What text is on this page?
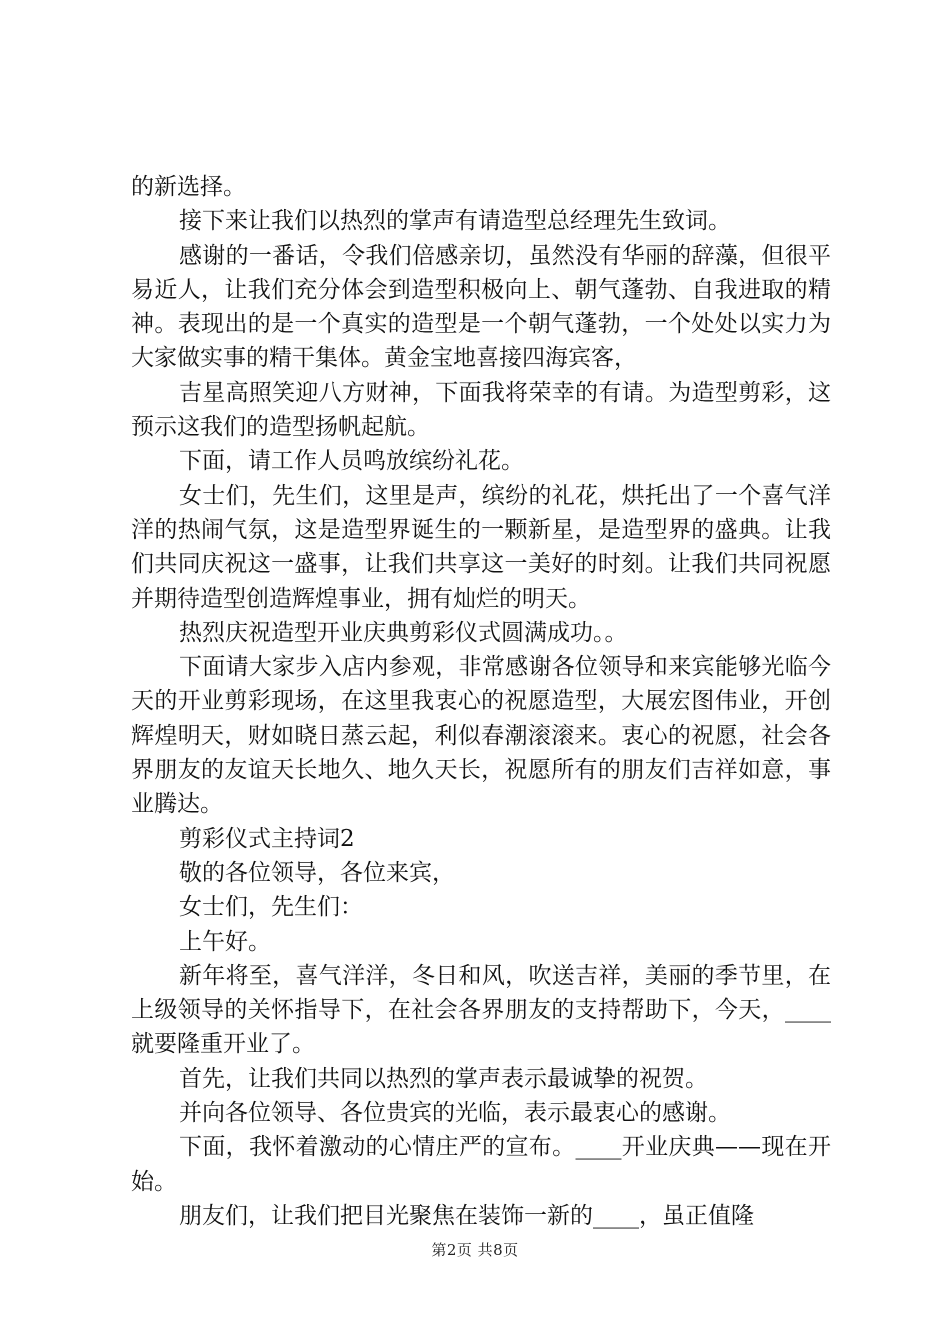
的新选择。

接下来让我们以热烈的掌声有请造型总经理先生致词。

感谢的一番话，令我们倍感亲切，虽然没有华丽的辞藻，但很平易近人，让我们充分体会到造型积极向上、朝气蓬勃、自我进取的精神。表现出的是一个真实的造型是一个朝气蓬勃，一个处处以实力为大家做实事的精干集体。黄金宝地喜接四海宾客，

吉星高照笑迎八方财神，下面我将荣幸的有请。为造型剪彩，这预示这我们的造型扬帆起航。

下面，请工作人员鸣放缤纷礼花。

女士们，先生们，这里是声，缤纷的礼花，烘托出了一个喜气洋洋的热闹气氛，这是造型界诞生的一颗新星，是造型界的盛典。让我们共同庆祝这一盛事，让我们共享这一美好的时刻。让我们共同祝愿并期待造型创造辉煌事业，拥有灿烂的明天。

热烈庆祝造型开业庆典剪彩仪式圆满成功。。

下面请大家步入店内参观，非常感谢各位领导和来宾能够光临今天的开业剪彩现场，在这里我衷心的祝愿造型，大展宏图伟业，开创辉煌明天，财如晓日蒸云起，利似春潮滚滚来。衷心的祝愿，社会各界朋友的友谊天长地久、地久天长，祝愿所有的朋友们吉祥如意，事业腾达。

剪彩仪式主持词2

敬的各位领导，各位来宾，

女士们，先生们：

上午好。

新年将至，喜气洋洋，冬日和风，吹送吉祥，美丽的季节里，在上级领导的关怀指导下，在社会各界朋友的支持帮助下，今天，____就要隆重开业了。

首先，让我们共同以热烈的掌声表示最诚挚的祝贺。

并向各位领导、各位贵宾的光临，表示最衷心的感谢。

下面，我怀着激动的心情庄严的宣布。____开业庆典——现在开始。

朋友们，让我们把目光聚焦在装饰一新的____，虽正值隆

第2页 共8页
